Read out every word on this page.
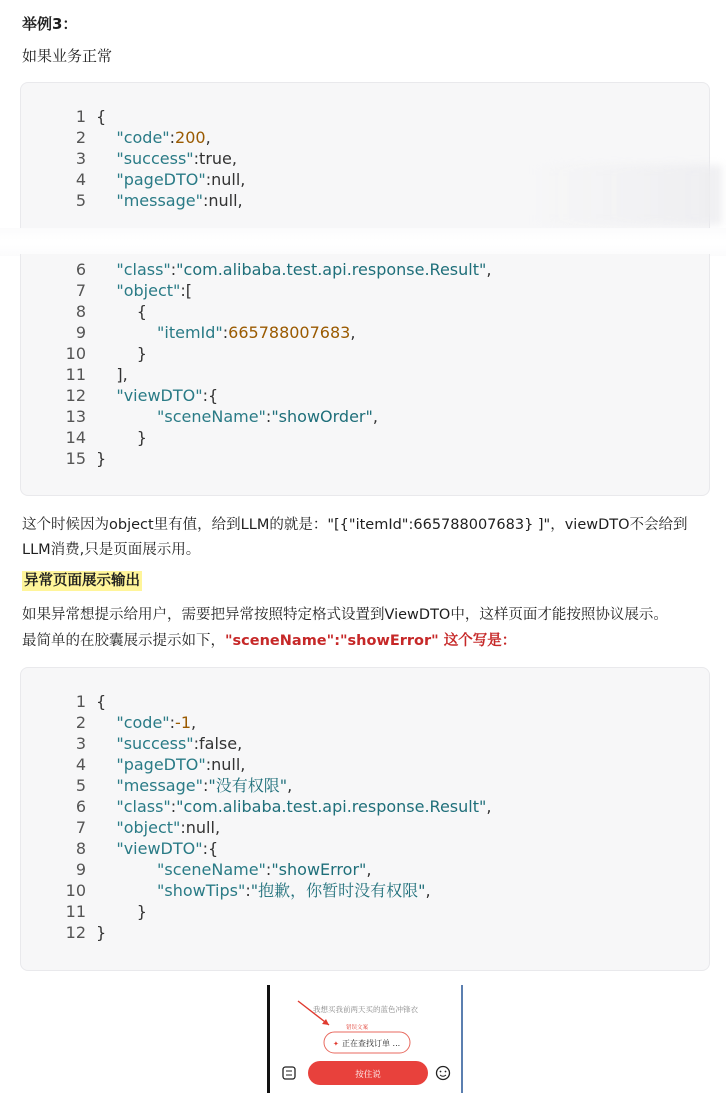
举例3：
如果业务正常
1 {
2 "code":200,
3 "success":true,
4 "pageDTO":null,
5 "message":null,
6 "class":"com.alibaba.test.api.response.Result",
7 "object":[
8	{
9	"itemId":665788007683,
10	}
11 ],
12 "viewDTO":{
13	"sceneName":"showOrder",
14	}
15 }
1 {
2 "code":-1,
3 "success":false,
4 "pageDTO":null,
5 "message":"没有权限",
6 "class":"com.alibaba.test.api.response.Result",
7 "object":null,
8 "viewDTO":{
9	"sceneName":"showError",
10	"showTips":"抱歉，你暂时没有权限",
11	}
12 }
这个时候因为object里有值，给到LLM的就是："[{"itemId":665788007683} ]"，viewDTO不会给到
LLM消费,只是页面展示用。
异常页面展示输出
如果异常想提示给用户，需要把异常按照特定格式设置到ViewDTO中，这样页面才能按照协议展示。
最简单的在胶囊展示提示如下，"sceneName":"showError" 这个写是：
我想买我前两天买的蓝色冲锋衣
错误文案
✦ 正在查找订单 ...
按住说
